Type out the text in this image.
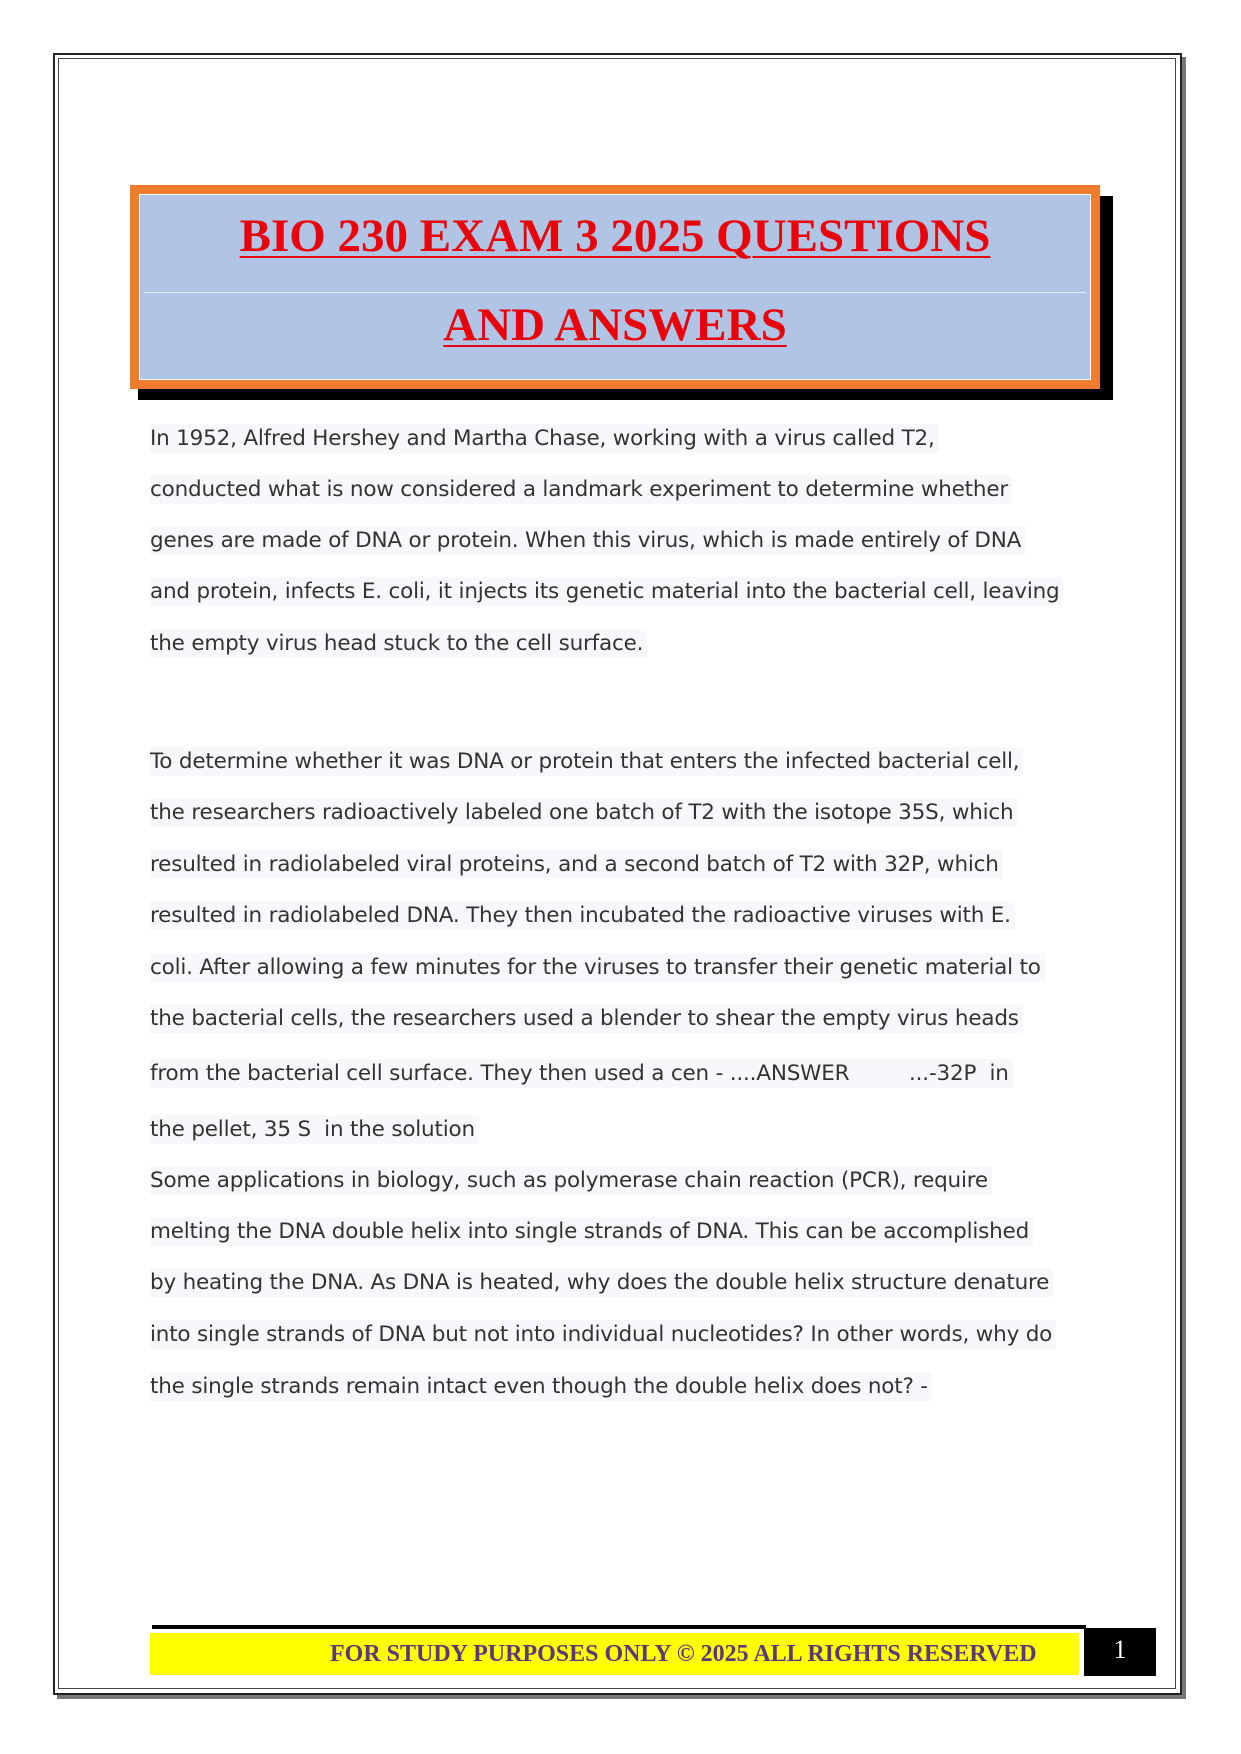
BIO 230 EXAM 3 2025 QUESTIONS
AND ANSWERS
In 1952, Alfred Hershey and Martha Chase, working with a virus called T2,
conducted what is now considered a landmark experiment to determine whether
genes are made of DNA or protein. When this virus, which is made entirely of DNA
and protein, infects E. coli, it injects its genetic material into the bacterial cell, leaving
the empty virus head stuck to the cell surface.
To determine whether it was DNA or protein that enters the infected bacterial cell,
the researchers radioactively labeled one batch of T2 with the isotope 35S, which
resulted in radiolabeled viral proteins, and a second batch of T2 with 32P, which
resulted in radiolabeled DNA. They then incubated the radioactive viruses with E.
coli. After allowing a few minutes for the viruses to transfer their genetic material to
the bacterial cells, the researchers used a blender to shear the empty virus heads
from the bacterial cell surface. They then used a cen - ....ANSWER         ...-32P  in
the pellet, 35 S  in the solution
Some applications in biology, such as polymerase chain reaction (PCR), require
melting the DNA double helix into single strands of DNA. This can be accomplished
by heating the DNA. As DNA is heated, why does the double helix structure denature
into single strands of DNA but not into individual nucleotides? In other words, why do
the single strands remain intact even though the double helix does not? -
FOR STUDY PURPOSES ONLY © 2025 ALL RIGHTS RESERVED	1
